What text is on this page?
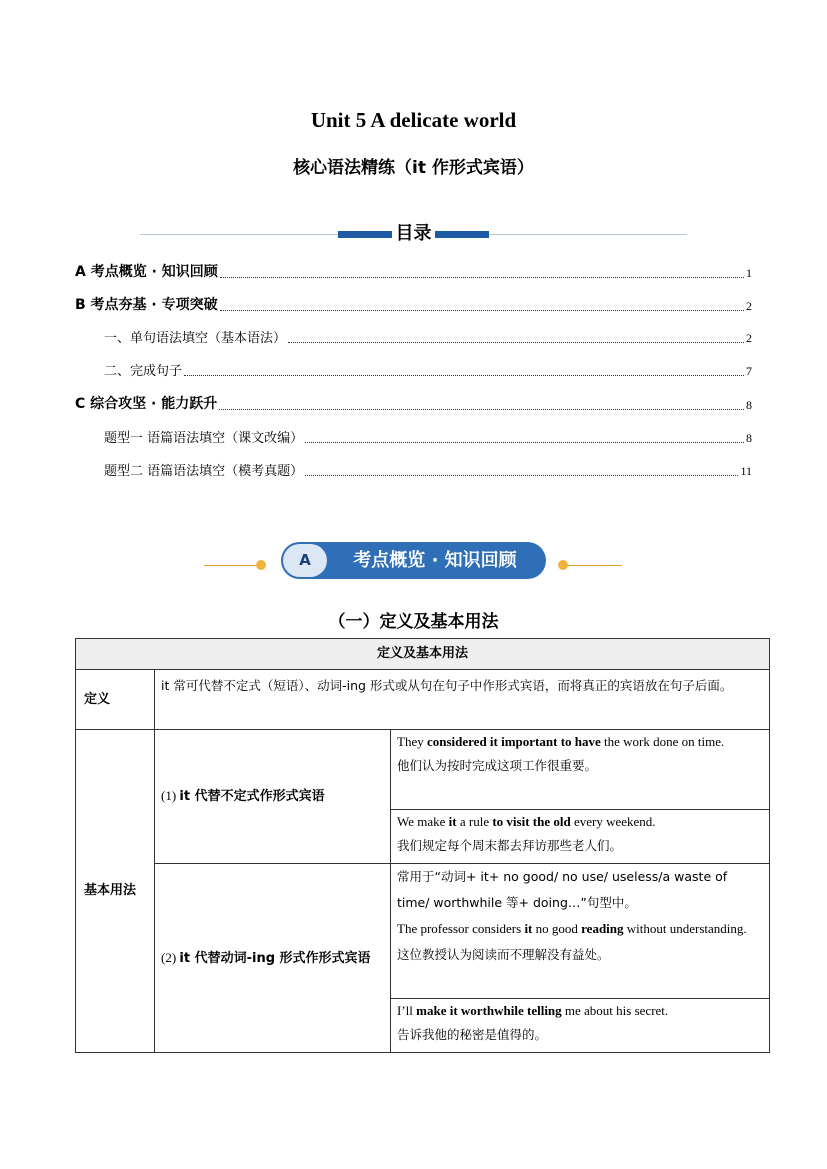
Unit 5 A delicate world
核心语法精练（it 作形式宾语）
目录
A 考点概览 · 知识回顾	1
B 考点夯基 · 专项突破	2
一、单句语法填空（基本语法）	2
二、完成句子	7
C 综合攻坚 · 能力跃升	8
题型一 语篇语法填空（课文改编）	8
题型二 语篇语法填空（模考真题）	11
A	考点概览 · 知识回顾
（一）定义及基本用法
定义及基本用法		
定义	it 常可代替不定式（短语）、动词-ing 形式或从句在句子中作形式宾语，而将真正的宾语放在句子后面。	
基本用法	(1) it 代替不定式作形式宾语	They considered it important to have the work done on time.
他们认为按时完成这项工作很重要。

		We make it a rule to visit the old every weekend.
我们规定每个周末都去拜访那些老人们。

	(2) it 代替动词-ing 形式作形式宾语	常用于“动词+ it+ no good/ no use/ useless/a waste of time/ worthwhile 等+ doing…”句型中。
The professor considers it no good reading without understanding.
这位教授认为阅读而不理解没有益处。

		I’ll make it worthwhile telling me about his secret.
告诉我他的秘密是值得的。
